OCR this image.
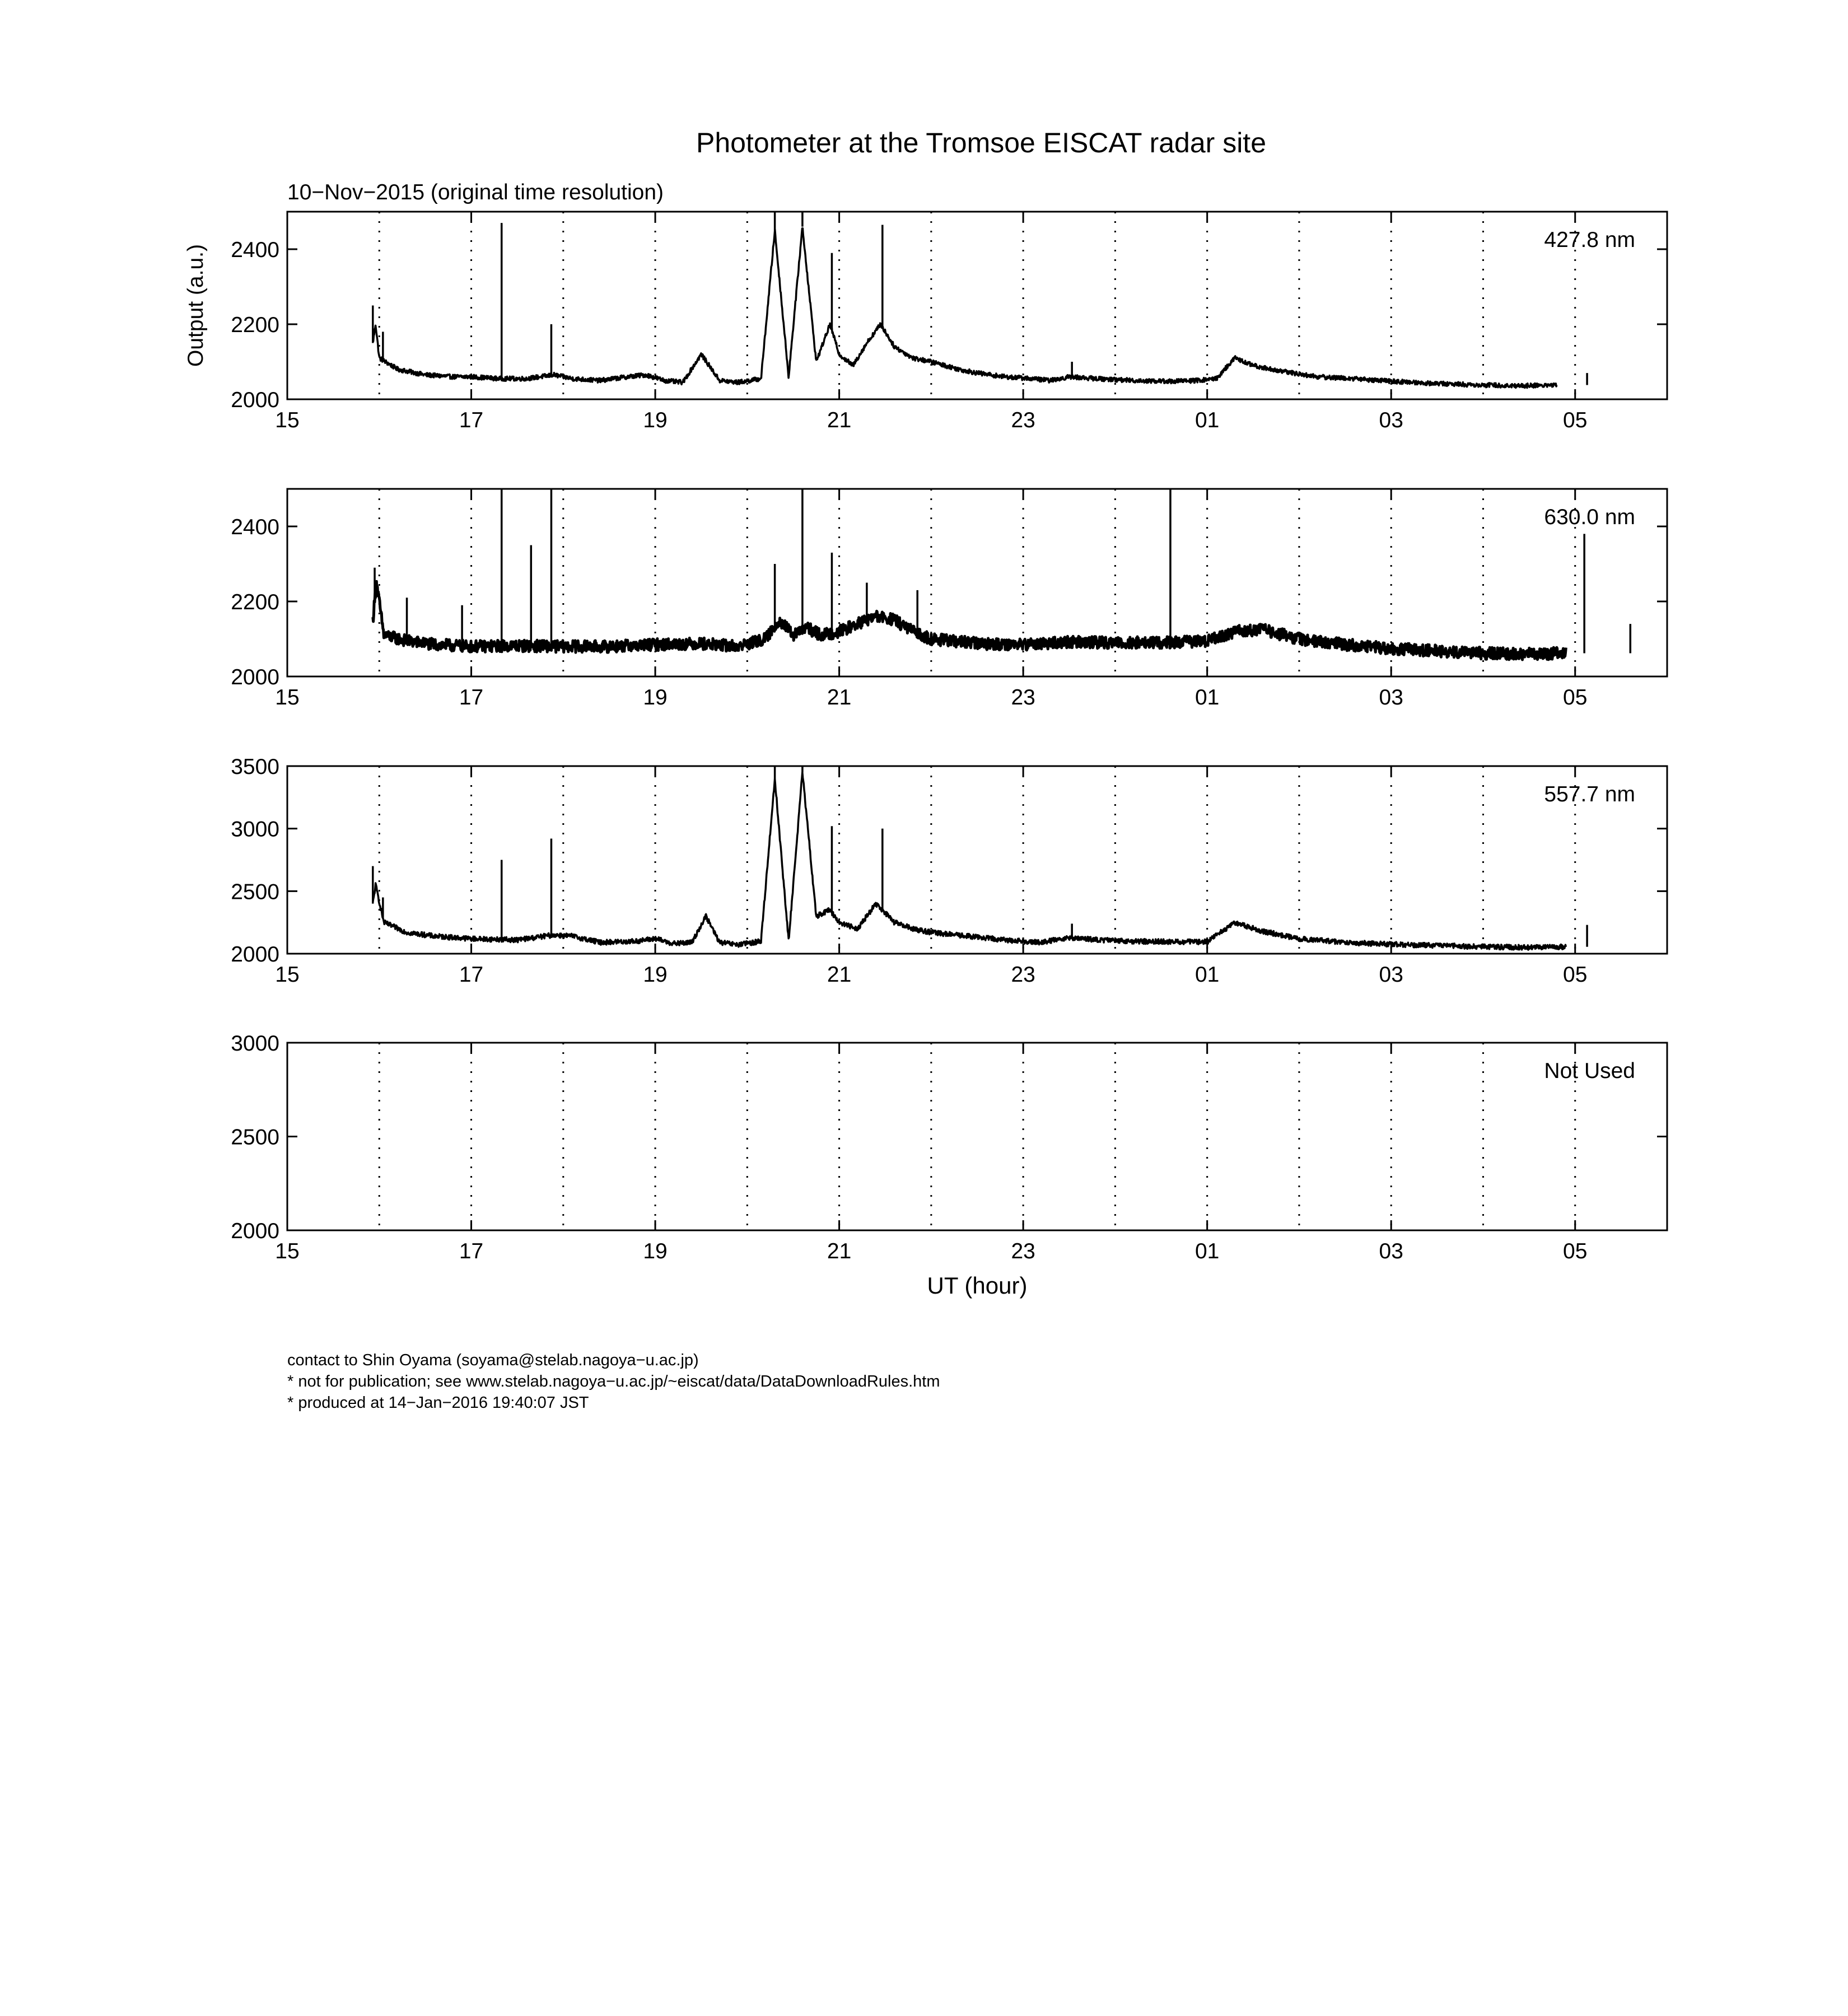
Photometer at the Tromsoe EISCAT radar site
10−Nov−2015 (original time resolution)
15	17	19	21	23	01	03	05
2000
2200
2400	427.8 nm
Output (a.u.)
15	17	19	21	23	01	03	05
2000
2200
2400	630.0 nm
15	17	19	21	23	01	03	05
2000
2500
3000
3500
557.7 nm
15	17	19	21	23	01	03	05
2000
2500
3000
Not Used
UT (hour)
contact to Shin Oyama (soyama@stelab.nagoya−u.ac.jp)
* not for publication; see www.stelab.nagoya−u.ac.jp/~eiscat/data/DataDownloadRules.htm
* produced at 14−Jan−2016 19:40:07 JST
